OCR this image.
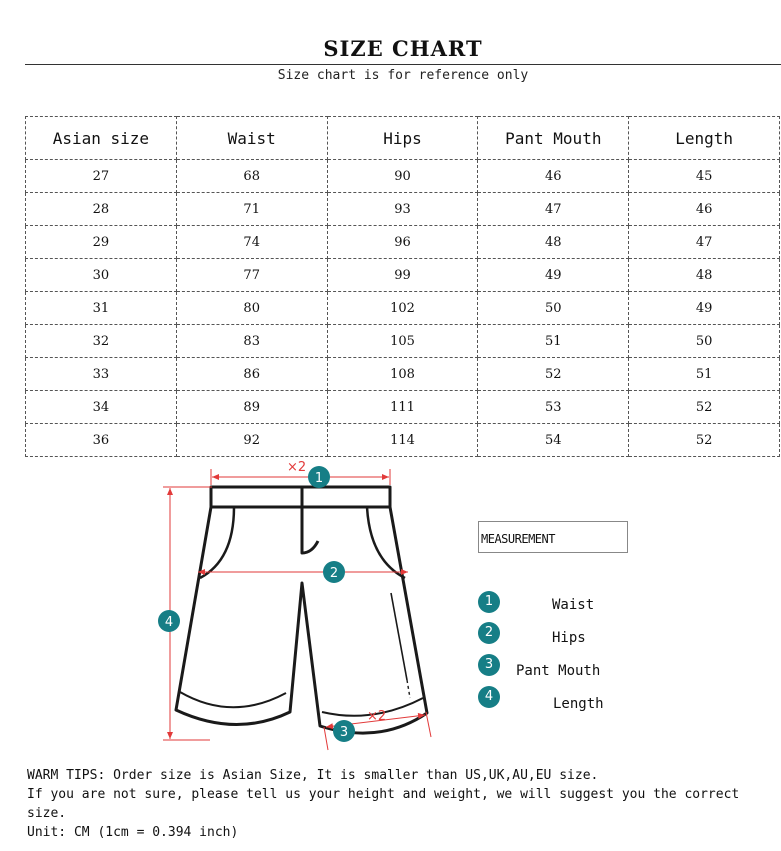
SIZE CHART
Size chart is for reference only
Asian size	Waist	Hips	Pant Mouth	Length
27	68	90	46	45
28	71	93	47	46
29	74	96	48	47
30	77	99	49	48
31	80	102	50	49
32	83	105	51	50
33	86	108	52	51
34	89	111	53	52
36	92	114	54	52
×2
×2
1
2
3
4
MEASUREMENT
1	Waist
2	Hips
3	Pant Mouth
4	Length
WARM TIPS: Order size is Asian Size, It is smaller than US,UK,AU,EU size.
If you are not sure, please tell us your height and weight, we will suggest you the correct size.
Unit: CM (1cm = 0.394 inch)
